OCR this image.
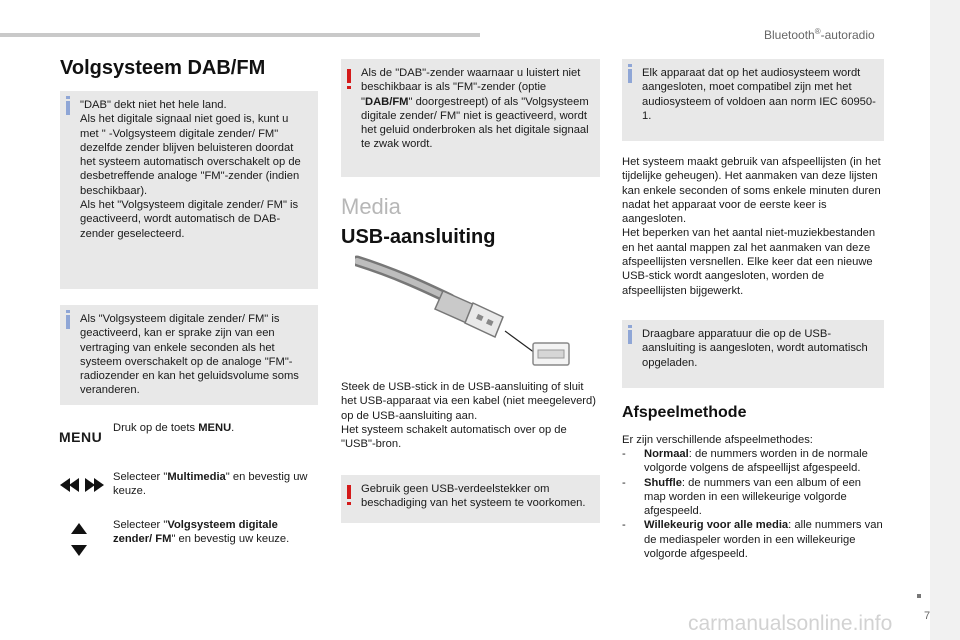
Bluetooth®-autoradio
7
carmanualsonline.info
Volgsysteem DAB/FM
"DAB" dekt niet het hele land.
Als het digitale signaal niet goed is, kunt u met " -Volgsysteem digitale zender/ FM" dezelfde zender blijven beluisteren doordat het systeem automatisch overschakelt op de desbetreffende analoge "FM"-zender (indien beschikbaar).
Als het "Volgsysteem digitale zender/ FM" is geactiveerd, wordt automatisch de DAB-zender geselecteerd.
Als "Volgsysteem digitale zender/ FM" is geactiveerd, kan er sprake zijn van een vertraging van enkele seconden als het systeem overschakelt op de analoge "FM"-radiozender en kan het geluidsvolume soms veranderen.
MENU
Druk op de toets MENU.
Selecteer "Multimedia" en bevestig uw keuze.
Selecteer "Volgsysteem digitale zender/ FM" en bevestig uw keuze.
Als de "DAB"-zender waarnaar u luistert niet beschikbaar is als "FM"-zender (optie "DAB/FM" doorgestreept) of als "Volgsysteem digitale zender/ FM" niet is geactiveerd, wordt het geluid onderbroken als het digitale signaal te zwak wordt.
Media
USB-aansluiting
Steek de USB-stick in de USB-aansluiting of sluit het USB-apparaat via een kabel (niet meegeleverd) op de USB-aansluiting aan.
Het systeem schakelt automatisch over op de "USB"-bron.
Gebruik geen USB-verdeelstekker om beschadiging van het systeem te voorkomen.
Elk apparaat dat op het audiosysteem wordt aangesloten, moet compatibel zijn met het audiosysteem of voldoen aan norm IEC 60950-1.
Het systeem maakt gebruik van afspeellijsten (in het tijdelijke geheugen). Het aanmaken van deze lijsten kan enkele seconden of soms enkele minuten duren nadat het apparaat voor de eerste keer is aangesloten.
Het beperken van het aantal niet-muziekbestanden en het aantal mappen zal het aanmaken van deze afspeellijsten versnellen. Elke keer dat een nieuwe USB-stick wordt aangesloten, worden de afspeellijsten bijgewerkt.
Draagbare apparatuur die op de USB-aansluiting is aangesloten, wordt automatisch opgeladen.
Afspeelmethode
Er zijn verschillende afspeelmethodes:
- Normaal: de nummers worden in de normale volgorde volgens de afspeellijst afgespeeld.
- Shuffle: de nummers van een album of een map worden in een willekeurige volgorde afgespeeld.
- Willekeurig voor alle media: alle nummers van de mediaspeler worden in een willekeurige volgorde afgespeeld.
